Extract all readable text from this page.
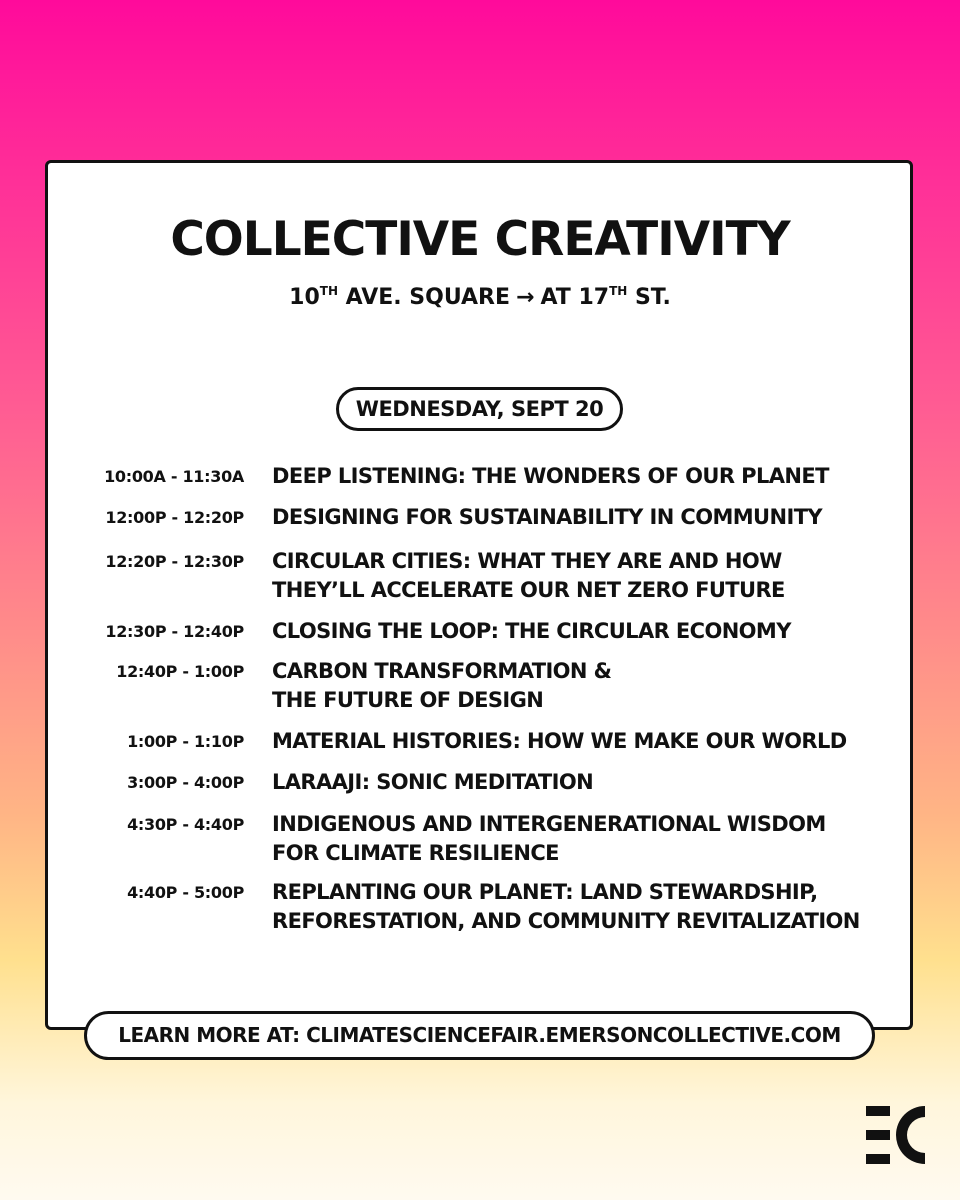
COLLECTIVE CREATIVITY
10TH AVE. SQUARE → AT 17TH ST.
WEDNESDAY, SEPT 20
10:00A - 11:30A DEEP LISTENING: THE WONDERS OF OUR PLANET
12:00P - 12:20P DESIGNING FOR SUSTAINABILITY IN COMMUNITY
12:20P - 12:30P CIRCULAR CITIES: WHAT THEY ARE AND HOW
THEY’LL ACCELERATE OUR NET ZERO FUTURE
12:30P - 12:40P CLOSING THE LOOP: THE CIRCULAR ECONOMY
12:40P - 1:00P CARBON TRANSFORMATION &
THE FUTURE OF DESIGN
1:00P - 1:10P MATERIAL HISTORIES: HOW WE MAKE OUR WORLD
3:00P - 4:00P LARAAJI: SONIC MEDITATION
4:30P - 4:40P INDIGENOUS AND INTERGENERATIONAL WISDOM
FOR CLIMATE RESILIENCE
4:40P - 5:00P REPLANTING OUR PLANET: LAND STEWARDSHIP,
REFORESTATION, AND COMMUNITY REVITALIZATION
LEARN MORE AT: CLIMATESCIENCEFAIR.EMERSONCOLLECTIVE.COM
